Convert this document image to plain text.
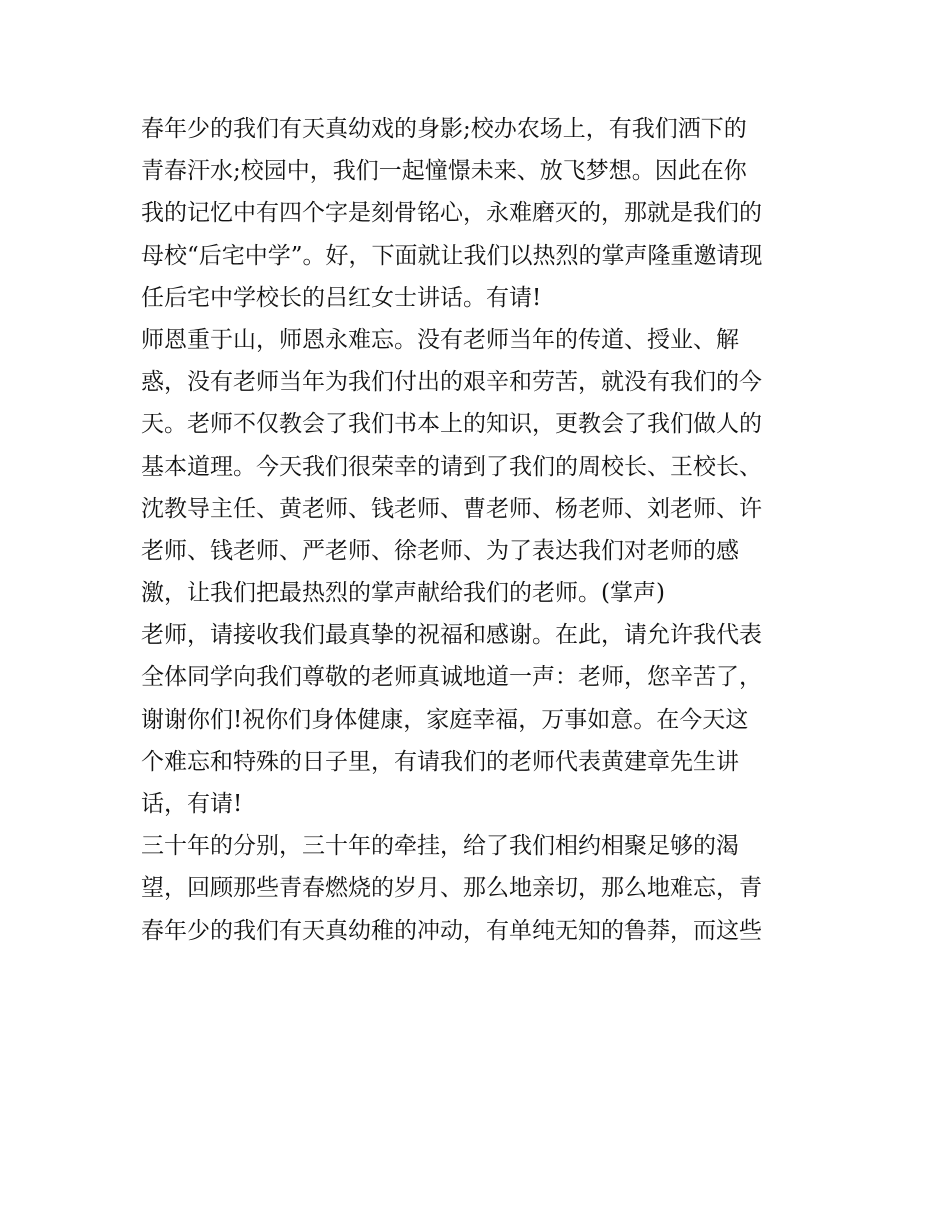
春年少的我们有天真幼戏的身影;校办农场上，有我们洒下的
青春汗水;校园中，我们一起憧憬未来、放飞梦想。因此在你
我的记忆中有四个字是刻骨铭心，永难磨灭的，那就是我们的
母校“后宅中学”。好，下面就让我们以热烈的掌声隆重邀请现
任后宅中学校长的吕红女士讲话。有请!
师恩重于山，师恩永难忘。没有老师当年的传道、授业、解
惑，没有老师当年为我们付出的艰辛和劳苦，就没有我们的今
天。老师不仅教会了我们书本上的知识，更教会了我们做人的
基本道理。今天我们很荣幸的请到了我们的周校长、王校长、
沈教导主任、黄老师、钱老师、曹老师、杨老师、刘老师、许
老师、钱老师、严老师、徐老师、为了表达我们对老师的感
激，让我们把最热烈的掌声献给我们的老师。(掌声)
老师，请接收我们最真挚的祝福和感谢。在此，请允许我代表
全体同学向我们尊敬的老师真诚地道一声：老师，您辛苦了，
谢谢你们!祝你们身体健康，家庭幸福，万事如意。在今天这
个难忘和特殊的日子里，有请我们的老师代表黄建章先生讲
话，有请!
三十年的分别，三十年的牵挂，给了我们相约相聚足够的渴
望，回顾那些青春燃烧的岁月、那么地亲切，那么地难忘，青
春年少的我们有天真幼稚的冲动，有单纯无知的鲁莽，而这些
